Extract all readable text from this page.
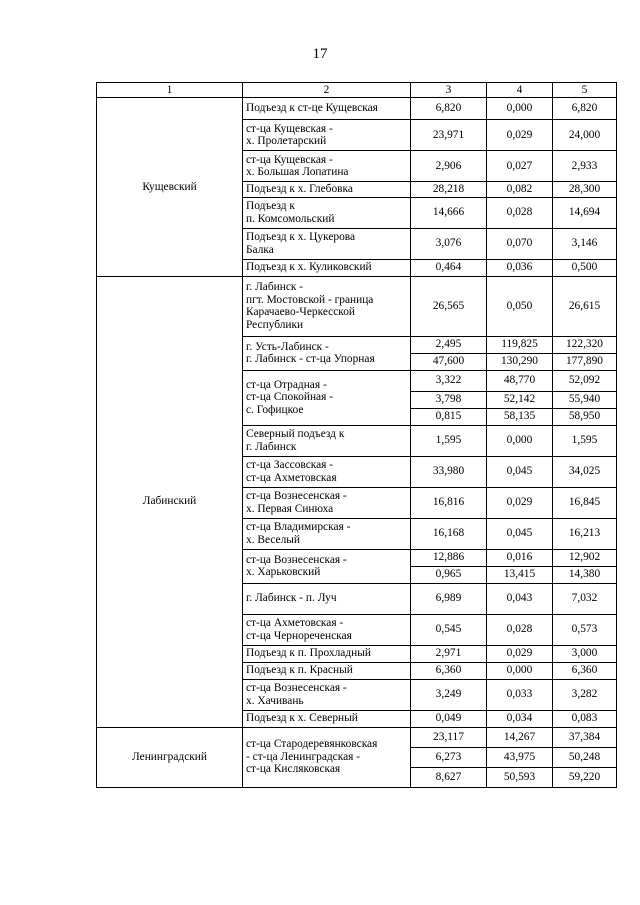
17
1	2	3	4	5
Кущевский	Подъезд к ст-це Кущевская	6,820	0,000	6,820
	ст-ца Кущевская -
х. Пролетарский	23,971	0,029	24,000
	ст-ца Кущевская -
х. Большая Лопатина	2,906	0,027	2,933
	Подъезд к х. Глебовка	28,218	0,082	28,300
	Подъезд к
п. Комсомольский	14,666	0,028	14,694
	Подъезд к х. Цукерова
Балка	3,076	0,070	3,146
	Подъезд к х. Куликовский	0,464	0,036	0,500
Лабинский	г. Лабинск -
пгт. Мостовской - граница
Карачаево-Черкесской
Республики	26,565	0,050	26,615
	г. Усть-Лабинск -
г. Лабинск - ст-ца Упорная	2,495	119,825	122,320
		47,600	130,290	177,890
	ст-ца Отрадная -
ст-ца Спокойная -
с. Гофицкое	3,322	48,770	52,092
		3,798	52,142	55,940
		0,815	58,135	58,950
	Северный подъезд к
г. Лабинск	1,595	0,000	1,595
	ст-ца Зассовская -
ст-ца Ахметовская	33,980	0,045	34,025
	ст-ца Вознесенская -
х. Первая Синюха	16,816	0,029	16,845
	ст-ца Владимирская -
х. Веселый	16,168	0,045	16,213
	ст-ца Вознесенская -
х. Харьковский	12,886	0,016	12,902
		0,965	13,415	14,380
	г. Лабинск - п. Луч	6,989	0,043	7,032
	ст-ца Ахметовская -
ст-ца Чернореченская	0,545	0,028	0,573
	Подъезд к п. Прохладный	2,971	0,029	3,000
	Подъезд к п. Красный	6,360	0,000	6,360
	ст-ца Вознесенская -
х. Хачивань	3,249	0,033	3,282
	Подъезд к х. Северный	0,049	0,034	0,083
Ленинградский	ст-ца Стародеревянковская
- ст-ца Ленинградская -
ст-ца Кисляковская	23,117	14,267	37,384
		6,273	43,975	50,248
		8,627	50,593	59,220
